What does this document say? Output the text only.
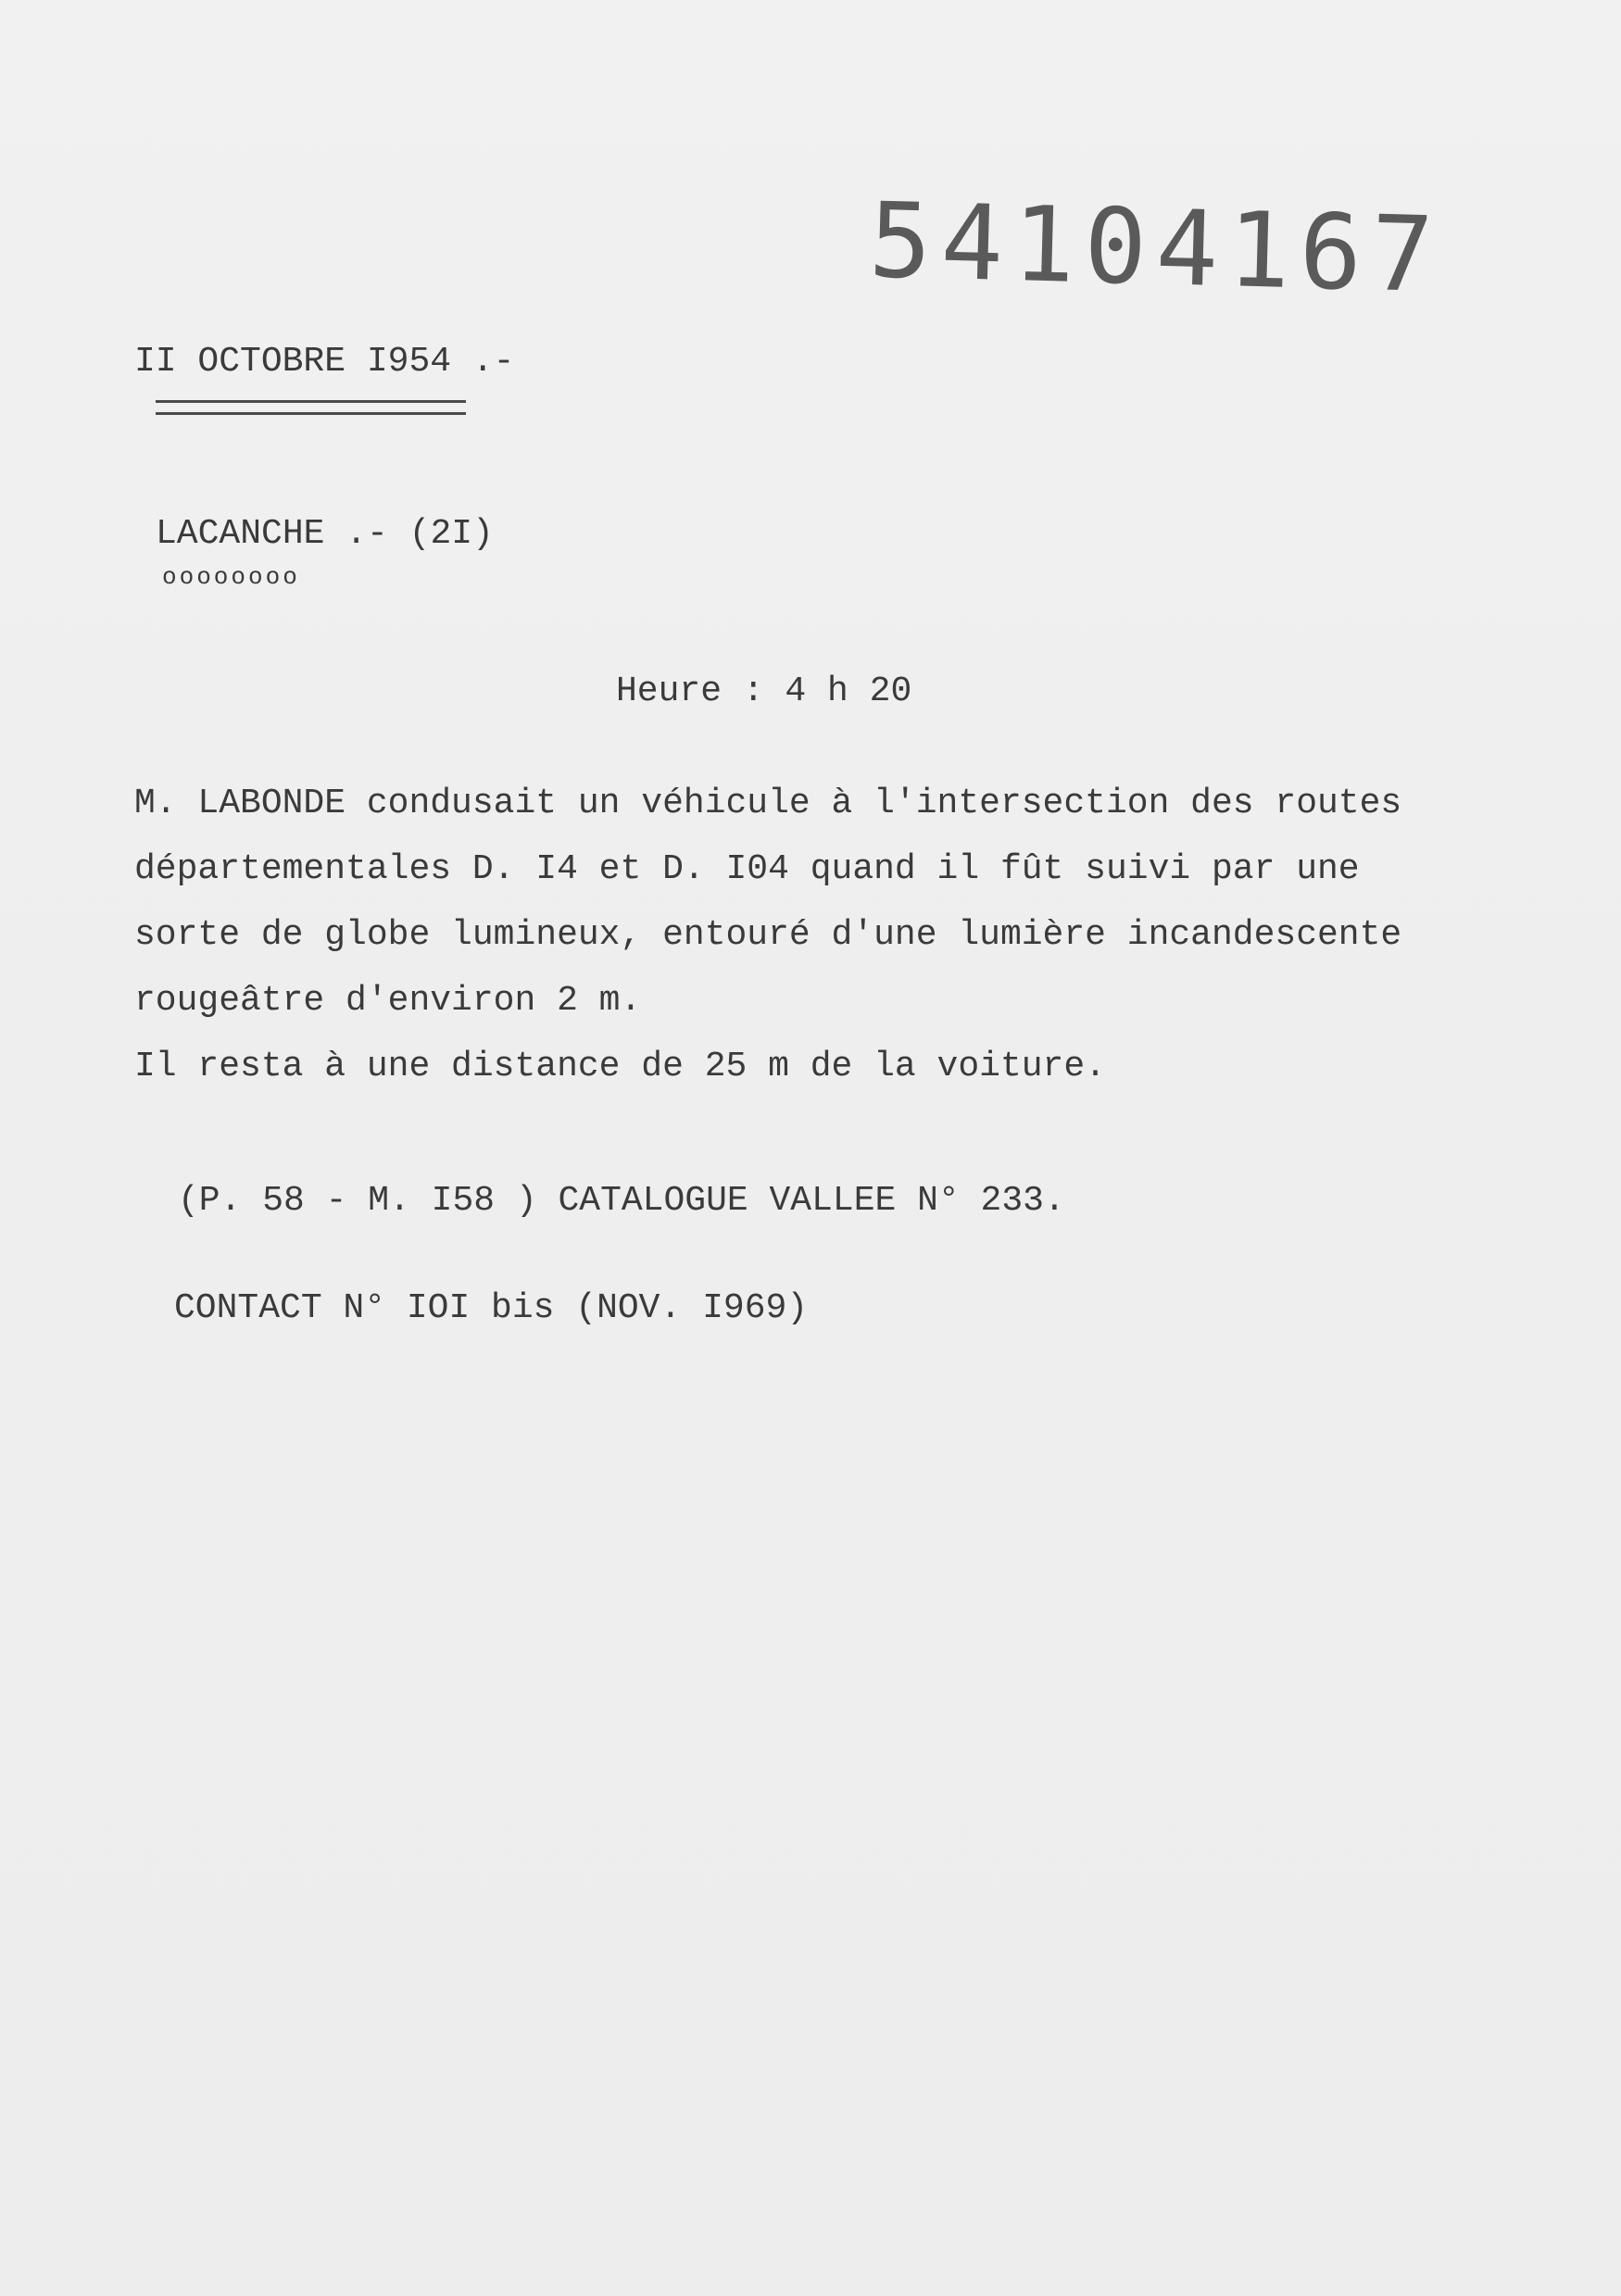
54104167
II OCTOBRE I954 .-
LACANCHE .- (2I)
oooooooo
Heure : 4 h 20
M. LABONDE condusait un véhicule à l'intersection des routes
départementales D. I4 et D. I04 quand il fût suivi par une
sorte de globe lumineux, entouré d'une lumière incandescente
rougeâtre d'environ 2 m.
Il resta à une distance de 25 m de la voiture.
(P. 58 - M. I58 ) CATALOGUE VALLEE N° 233.
CONTACT N° IOI bis (NOV. I969)
